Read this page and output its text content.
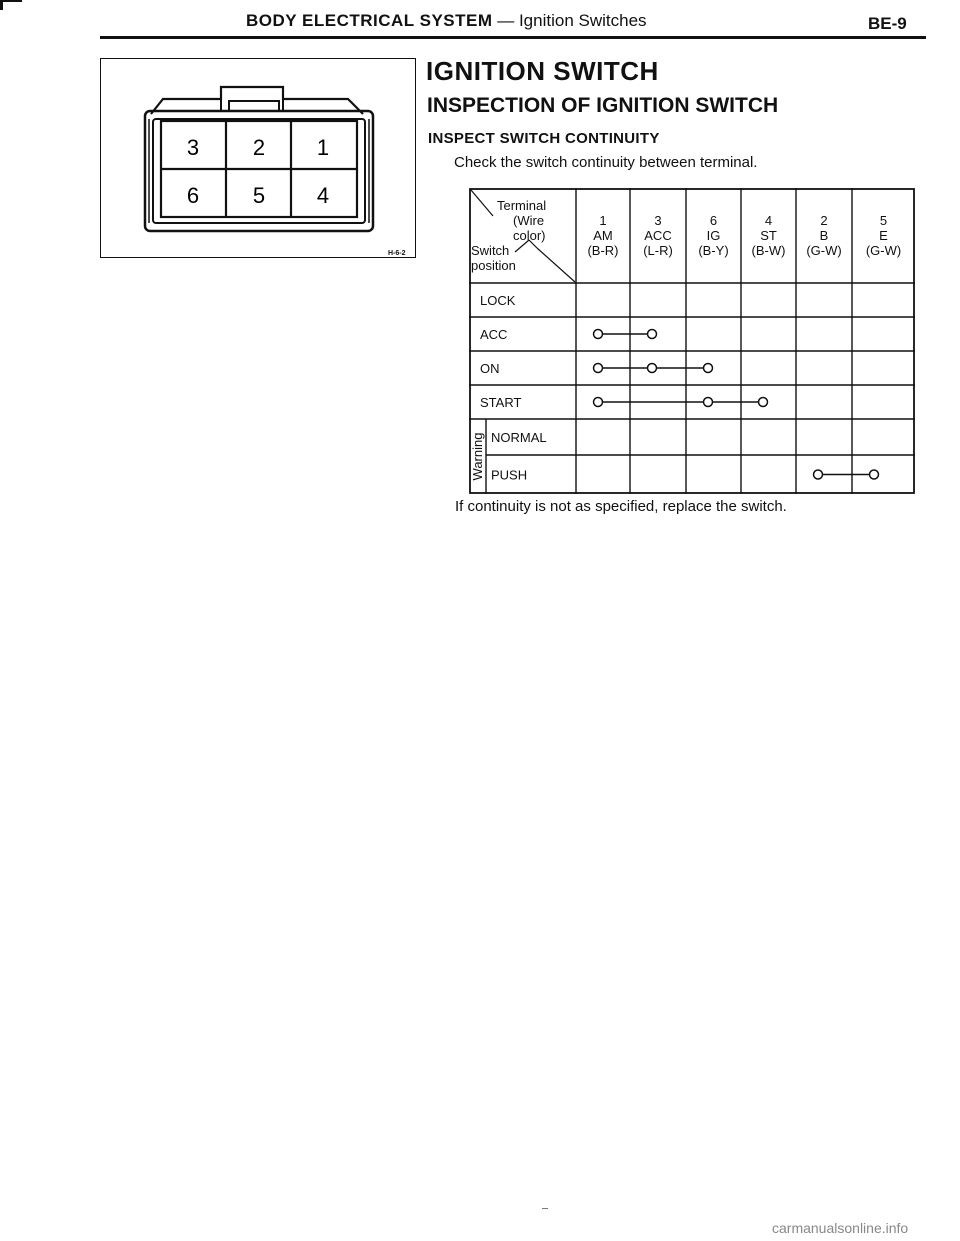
BODY ELECTRICAL SYSTEM — Ignition Switches	BE-9
3 2 1
6 5 4
H-6-2
IGNITION SWITCH
INSPECTION OF IGNITION SWITCH
INSPECT SWITCH CONTINUITY
Check the switch continuity between terminal.
Terminal
(Wire
color)
Switch
position
1
AM
(B-R)
3
ACC
(L-R)
6
IG
(B-Y)
4
ST
(B-W)
2
B
(G-W)
5
E
(G-W)
LOCK
ACC
ON
START
NORMAL
PUSH
Warning
If continuity is not as specified, replace the switch.
carmanualsonline.info
